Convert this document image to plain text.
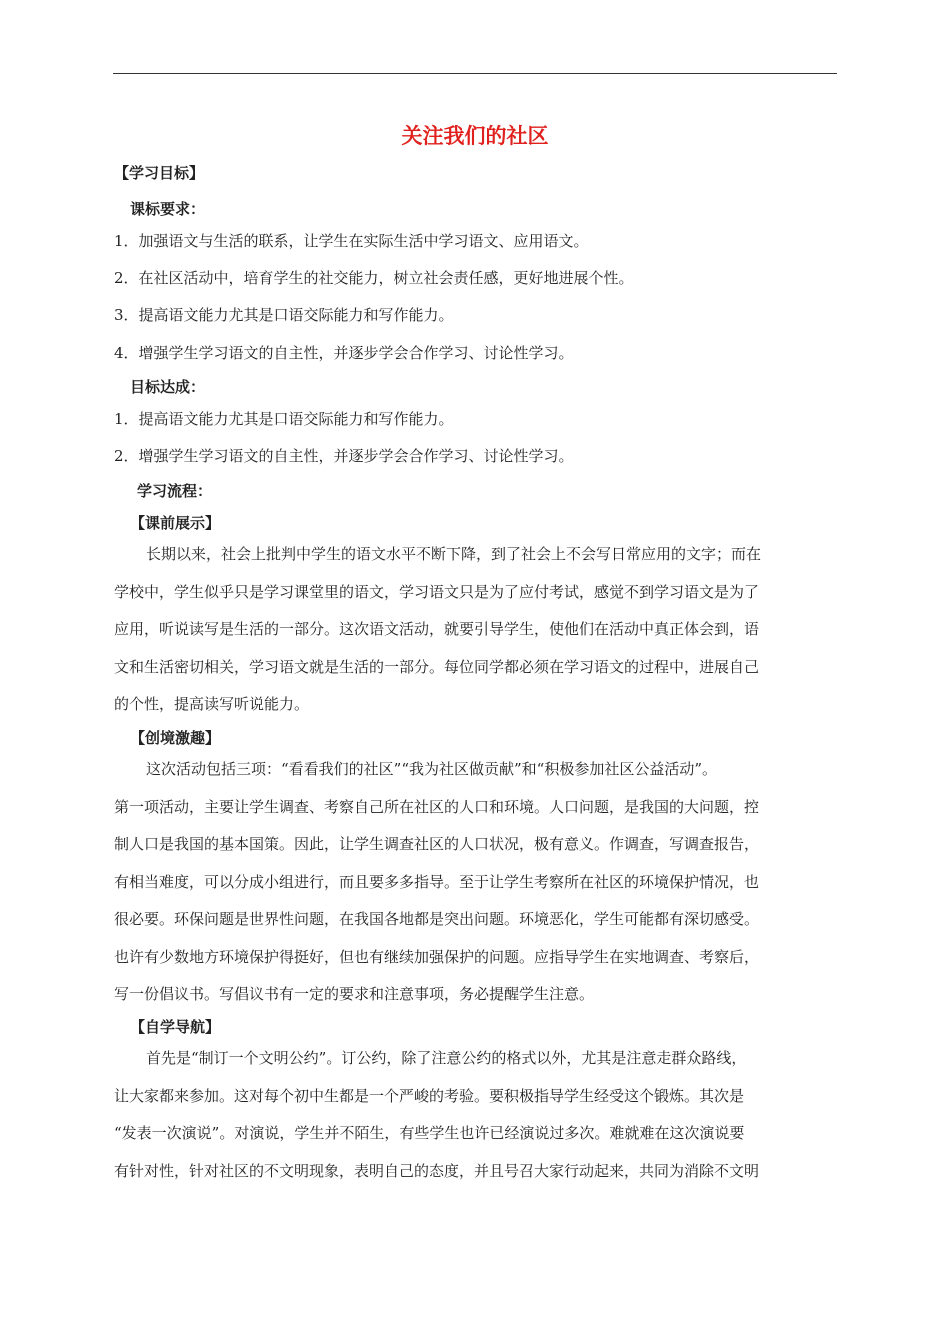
关注我们的社区
【学习目标】
课标要求：
1．加强语文与生活的联系，让学生在实际生活中学习语文、应用语文。
2．在社区活动中，培育学生的社交能力，树立社会责任感，更好地进展个性。
3．提高语文能力尤其是口语交际能力和写作能力。
4．增强学生学习语文的自主性，并逐步学会合作学习、讨论性学习。
目标达成：
1．提高语文能力尤其是口语交际能力和写作能力。
2．增强学生学习语文的自主性，并逐步学会合作学习、讨论性学习。
学习流程：
【课前展示】
长期以来，社会上批判中学生的语文水平不断下降，到了社会上不会写日常应用的文字；而在
学校中，学生似乎只是学习课堂里的语文，学习语文只是为了应付考试，感觉不到学习语文是为了
应用，听说读写是生活的一部分。这次语文活动，就要引导学生，使他们在活动中真正体会到，语
文和生活密切相关，学习语文就是生活的一部分。每位同学都必须在学习语文的过程中，进展自己
的个性，提高读写听说能力。
【创境激趣】
这次活动包括三项：“看看我们的社区”“我为社区做贡献”和“积极参加社区公益活动”。
第一项活动，主要让学生调查、考察自己所在社区的人口和环境。人口问题，是我国的大问题，控
制人口是我国的基本国策。因此，让学生调查社区的人口状况，极有意义。作调查，写调查报告，
有相当难度，可以分成小组进行，而且要多多指导。至于让学生考察所在社区的环境保护情况，也
很必要。环保问题是世界性问题，在我国各地都是突出问题。环境恶化，学生可能都有深切感受。
也许有少数地方环境保护得挺好，但也有继续加强保护的问题。应指导学生在实地调查、考察后，
写一份倡议书。写倡议书有一定的要求和注意事项，务必提醒学生注意。
【自学导航】
首先是“制订一个文明公约”。订公约，除了注意公约的格式以外，尤其是注意走群众路线，
让大家都来参加。这对每个初中生都是一个严峻的考验。要积极指导学生经受这个锻炼。其次是
“发表一次演说”。对演说，学生并不陌生，有些学生也许已经演说过多次。难就难在这次演说要
有针对性，针对社区的不文明现象，表明自己的态度，并且号召大家行动起来，共同为消除不文明
